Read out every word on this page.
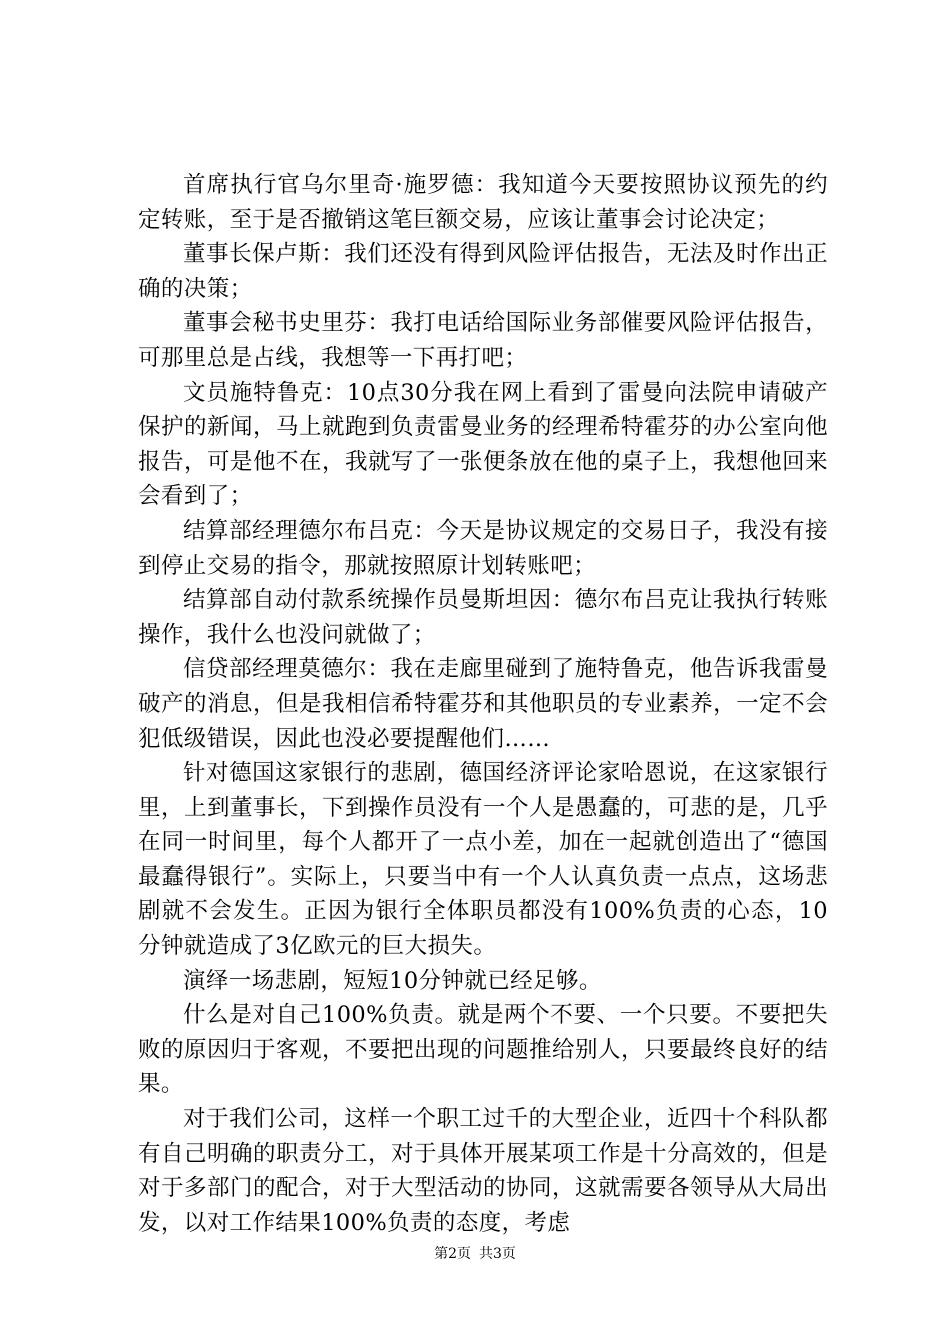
首席执行官乌尔里奇·施罗德：我知道今天要按照协议预先的约定转账，至于是否撤销这笔巨额交易，应该让董事会讨论决定；

董事长保卢斯：我们还没有得到风险评估报告，无法及时作出正确的决策；

董事会秘书史里芬：我打电话给国际业务部催要风险评估报告，可那里总是占线，我想等一下再打吧；

文员施特鲁克：10点30分我在网上看到了雷曼向法院申请破产保护的新闻，马上就跑到负责雷曼业务的经理希特霍芬的办公室向他报告，可是他不在，我就写了一张便条放在他的桌子上，我想他回来会看到了；

结算部经理德尔布吕克：今天是协议规定的交易日子，我没有接到停止交易的指令，那就按照原计划转账吧；

结算部自动付款系统操作员曼斯坦因：德尔布吕克让我执行转账操作，我什么也没问就做了；

信贷部经理莫德尔：我在走廊里碰到了施特鲁克，他告诉我雷曼破产的消息，但是我相信希特霍芬和其他职员的专业素养，一定不会犯低级错误，因此也没必要提醒他们……

针对德国这家银行的悲剧，德国经济评论家哈恩说，在这家银行里，上到董事长，下到操作员没有一个人是愚蠢的，可悲的是，几乎在同一时间里，每个人都开了一点小差，加在一起就创造出了“德国最蠢得银行”。实际上，只要当中有一个人认真负责一点点，这场悲剧就不会发生。正因为银行全体职员都没有100%负责的心态，10分钟就造成了3亿欧元的巨大损失。

演绎一场悲剧，短短10分钟就已经足够。

什么是对自己100%负责。就是两个不要、一个只要。不要把失败的原因归于客观，不要把出现的问题推给别人，只要最终良好的结果。

对于我们公司，这样一个职工过千的大型企业，近四十个科队都有自己明确的职责分工，对于具体开展某项工作是十分高效的，但是对于多部门的配合，对于大型活动的协同，这就需要各领导从大局出发，以对工作结果100%负责的态度，考虑

第2页 共3页
